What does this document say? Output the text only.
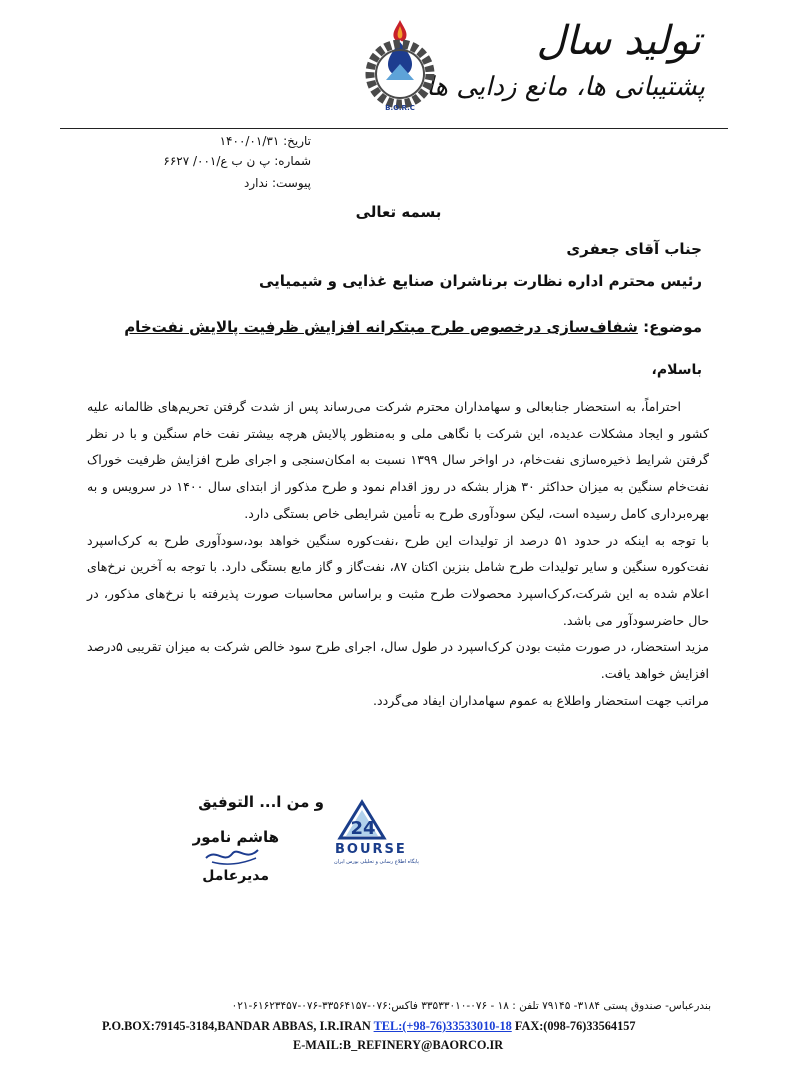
تولید سال
پشتیبانی ها، مانع زدایی ها
B.O.R.C
تاریخ: ۱۴۰۰/۰۱/۳۱
شماره: پ ن ب ع/۰۰۱/ ۶۶۲۷
پیوست: ندارد
بسمه تعالی
جناب آقای جعفری
رئیس محترم اداره نظارت برناشران صنایع غذایی و شیمیایی
موضوع: شفاف‌سازی درخصوص طرح مبتکرانه افزایش ظرفیت پالایش نفت‌خام
باسلام،

احتراماً، به استحضار جنابعالی و سهامداران محترم شرکت می‌رساند پس از شدت گرفتن تحریم‌های ظالمانه علیه کشور و ایجاد مشکلات عدیده، این شرکت با نگاهی ملی و به‌منظور پالایش هرچه بیشتر نفت خام سنگین و با در نظر گرفتن شرایط ذخیره‌سازی نفت‌خام، در اواخر سال ۱۳۹۹ نسبت به امکان‌سنجی و اجرای طرح افزایش ظرفیت خوراک نفت‌خام سنگین به میزان حداکثر ۳۰ هزار بشکه در روز اقدام نمود و طرح مذکور از ابتدای سال ۱۴۰۰ در سرویس و به بهره‌برداری کامل رسیده است، لیکن سودآوری طرح به تأمین شرایطی خاص بستگی دارد.

با توجه به اینکه در حدود ۵۱ درصد از تولیدات این طرح ،نفت‌کوره سنگین خواهد بود،سودآوری طرح به کرک‌اسپرد نفت‌کوره سنگین و سایر تولیدات طرح شامل بنزین اکتان ۸۷، نفت‌گاز و گاز مایع بستگی دارد. با توجه به آخرین نرخ‌های اعلام شده به این شرکت،کرک‌اسپرد محصولات طرح مثبت و براساس محاسبات صورت پذیرفته با نرخ‌های مذکور، در حال حاضرسودآور می باشد.

مزید استحضار، در صورت مثبت بودن کرک‌اسپرد در طول سال، اجرای طرح سود خالص شرکت به میزان تقریبی ۵درصد افزایش خواهد یافت.

مراتب جهت استحضار واطلاع به عموم سهامداران ایفاد می‌گردد.

و من ا... التوفیق
هاشم نامور
مدیرعامل
24
BOURSE
پایگاه اطلاع رسانی و تحلیلی بورس ایران
بندرعباس- صندوق پستی ۳۱۸۴- ۷۹۱۴۵ تلفن : ۱۸ - ۰۷۶-۳۳۵۳۳۰۱۰ فاکس:۰۷۶-۳۳۵۶۴۱۵۷-۰۷۶-۶۱۶۲۳۴۵۷-۰۲۱
P.O.BOX:79145-3184,BANDAR ABBAS, I.R.IRAN TEL:(+98-76)33533010-18 FAX:(098-76)33564157
E-MAIL:B_REFINERY@BAORCO.IR
